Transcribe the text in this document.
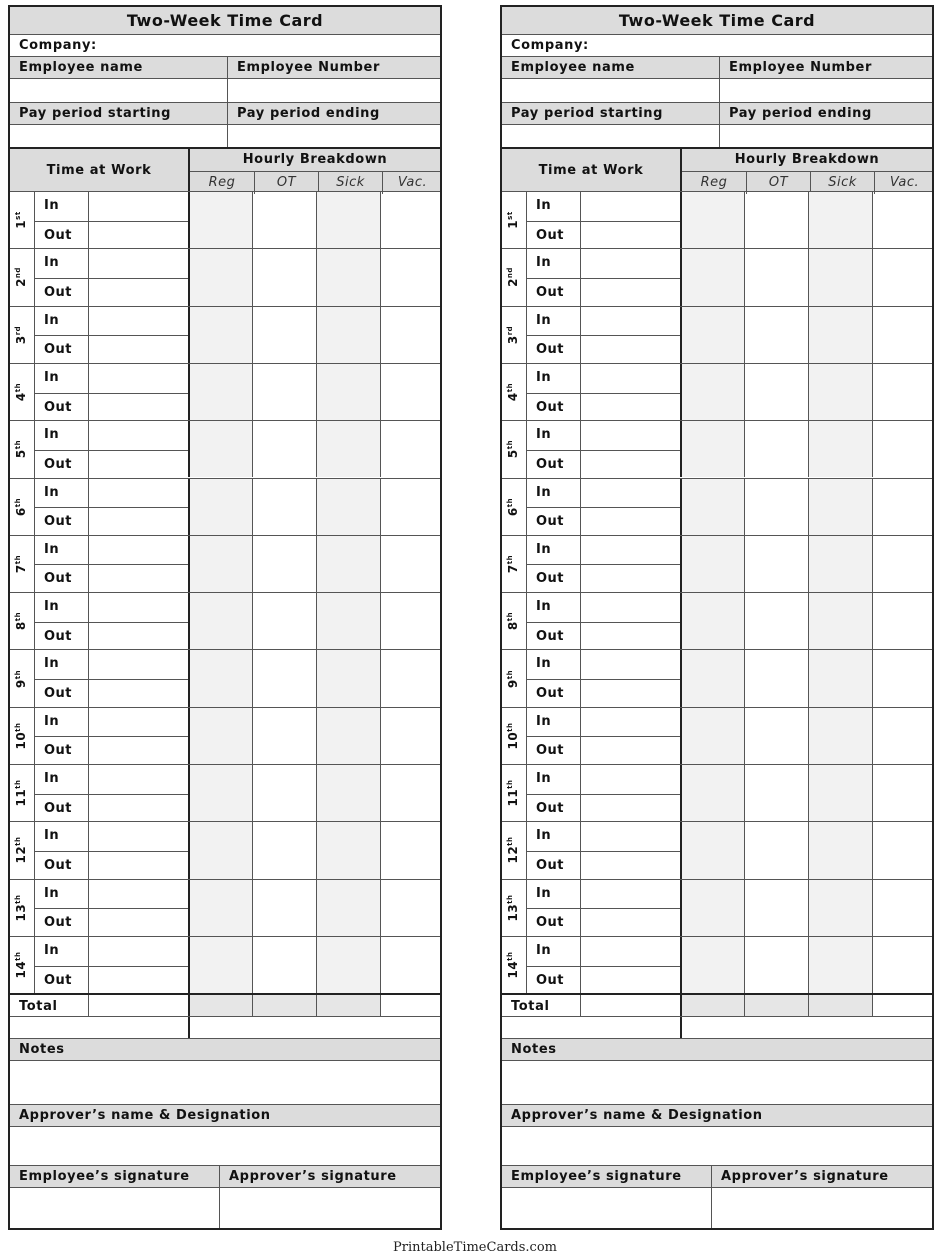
Two-Week Time Card
Company:
Employee name	Employee Number
Pay period starting	Pay period ending
Time at Work
Hourly Breakdown
Reg	OT	Sick	Vac.
1st
In
Out
2nd
In
Out
3rd
In
Out
4th
In
Out
5th
In
Out
6th
In
Out
7th
In
Out
8th
In
Out
9th
In
Out
10th	In
Out
11th	In
Out
12th	In
Out
13th	In
Out
14th	In
Out
Total
Notes
Approver’s name & Designation
Employee’s signature	Approver’s signature
Two-Week Time Card
Company:
Employee name	Employee Number
Pay period starting	Pay period ending
Time at Work
Hourly Breakdown
Reg	OT	Sick	Vac.
1st
In
Out
2nd
In
Out
3rd
In
Out
4th
In
Out
5th
In
Out
6th
In
Out
7th
In
Out
8th
In
Out
9th
In
Out
10th	In
Out
11th	In
Out
12th	In
Out
13th	In
Out
14th	In
Out
Total
Notes
Approver’s name & Designation
Employee’s signature	Approver’s signature
PrintableTimeCards.com
